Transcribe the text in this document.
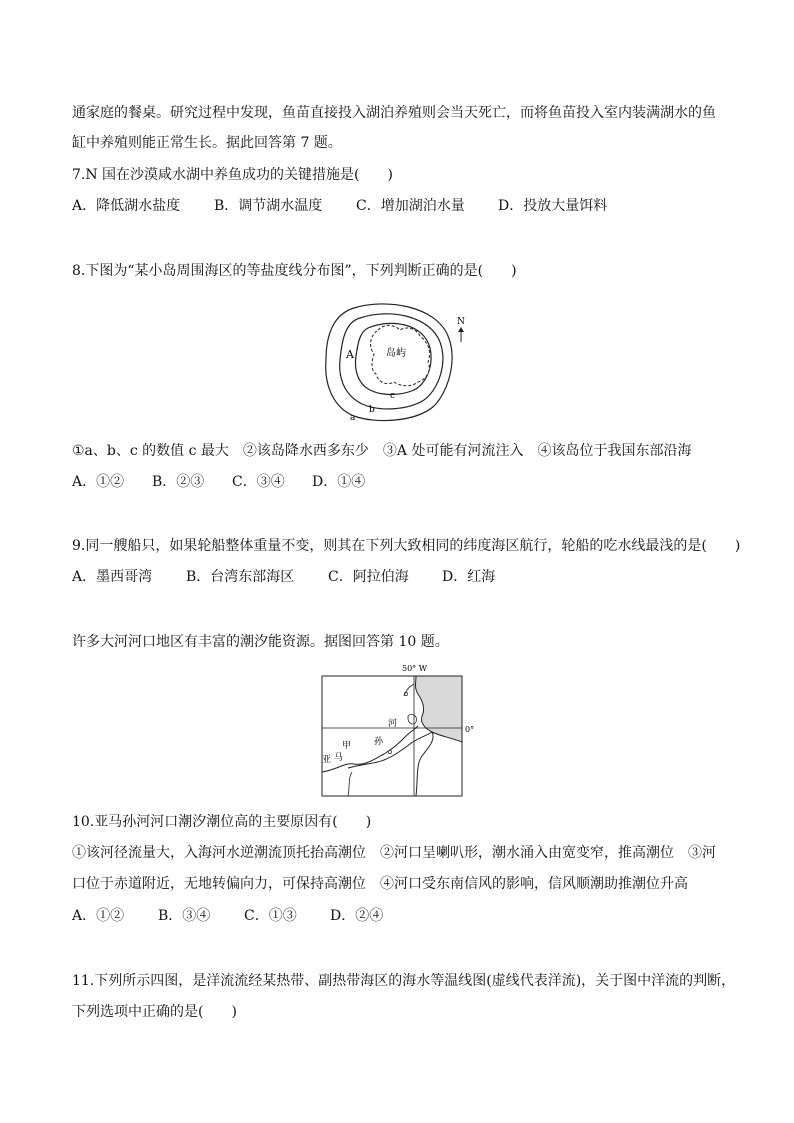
通家庭的餐桌。研究过程中发现，鱼苗直接投入湖泊养殖则会当天死亡，而将鱼苗投入室内装满湖水的鱼
缸中养殖则能正常生长。据此回答第 7 题。
7.N 国在沙漠咸水湖中养鱼成功的关键措施是(　　)
A．降低湖水盐度 B．调节湖水温度 C．增加湖泊水量 D．投放大量饵料
8.下图为“某小岛周围海区的等盐度线分布图”，下列判断正确的是(　　)
岛屿
A
a
b
c
N
①a、b、c 的数值 c 最大　②该岛降水西多东少　③A 处可能有河流注入　④该岛位于我国东部沿海
A．①② B．②③ C．③④ D．①④
9.同一艘船只，如果轮船整体重量不变，则其在下列大致相同的纬度海区航行，轮船的吃水线最浅的是(　　)
A．墨西哥湾 B．台湾东部海区 C．阿拉伯海 D．红海
许多大河河口地区有丰富的潮汐能资源。据图回答第 10 题。
50° W
0°
河
孙
甲
马
亚
10.亚马孙河河口潮汐潮位高的主要原因有(　　)
①该河径流量大，入海河水逆潮流顶托抬高潮位　②河口呈喇叭形，潮水涌入由宽变窄，推高潮位　③河
口位于赤道附近，无地转偏向力，可保持高潮位　④河口受东南信风的影响，信风顺潮助推潮位升高
A．①② B．③④ C．①③ D．②④
11.下列所示四图，是洋流流经某热带、副热带海区的海水等温线图(虚线代表洋流)，关于图中洋流的判断，
下列选项中正确的是(　　)
